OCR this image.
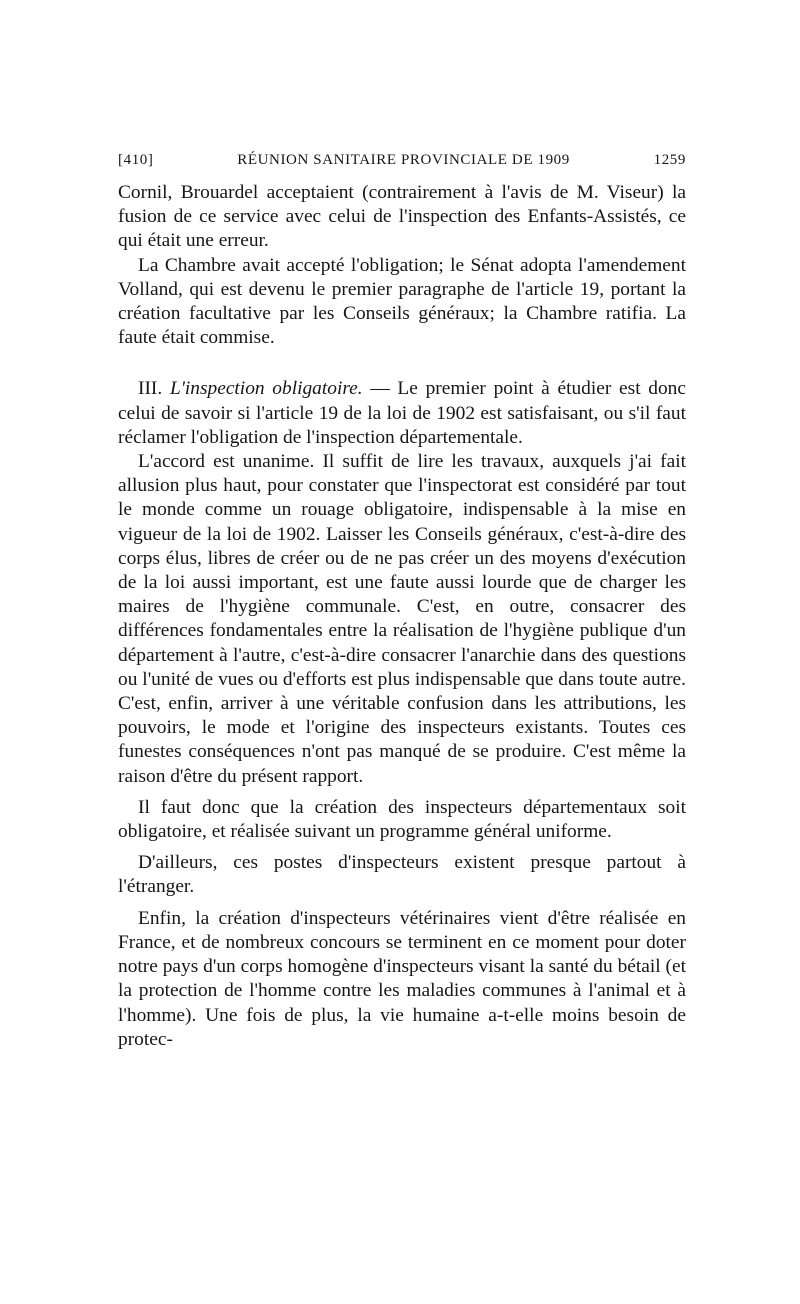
[410]	RÉUNION SANITAIRE PROVINCIALE DE 1909	1259

Cornil, Brouardel acceptaient (contrairement à l'avis de M. Viseur) la fusion de ce service avec celui de l'inspection des Enfants-Assistés, ce qui était une erreur.

La Chambre avait accepté l'obligation; le Sénat adopta l'amendement Volland, qui est devenu le premier paragraphe de l'article 19, portant la création facultative par les Conseils généraux; la Chambre ratifia. La faute était commise.

III. L'inspection obligatoire. — Le premier point à étudier est donc celui de savoir si l'article 19 de la loi de 1902 est satisfaisant, ou s'il faut réclamer l'obligation de l'inspection départementale.

L'accord est unanime. Il suffit de lire les travaux, auxquels j'ai fait allusion plus haut, pour constater que l'inspectorat est considéré par tout le monde comme un rouage obligatoire, indispensable à la mise en vigueur de la loi de 1902. Laisser les Conseils généraux, c'est-à-dire des corps élus, libres de créer ou de ne pas créer un des moyens d'exécution de la loi aussi important, est une faute aussi lourde que de charger les maires de l'hygiène communale. C'est, en outre, consacrer des différences fondamentales entre la réalisation de l'hygiène publique d'un département à l'autre, c'est-à-dire consacrer l'anarchie dans des questions ou l'unité de vues ou d'efforts est plus indispensable que dans toute autre. C'est, enfin, arriver à une véritable confusion dans les attributions, les pouvoirs, le mode et l'origine des inspecteurs existants. Toutes ces funestes conséquences n'ont pas manqué de se produire. C'est même la raison d'être du présent rapport.

Il faut donc que la création des inspecteurs départementaux soit obligatoire, et réalisée suivant un programme général uniforme.

D'ailleurs, ces postes d'inspecteurs existent presque partout à l'étranger.

Enfin, la création d'inspecteurs vétérinaires vient d'être réalisée en France, et de nombreux concours se terminent en ce moment pour doter notre pays d'un corps homogène d'inspecteurs visant la santé du bétail (et la protection de l'homme contre les maladies communes à l'animal et à l'homme). Une fois de plus, la vie humaine a-t-elle moins besoin de protec-
